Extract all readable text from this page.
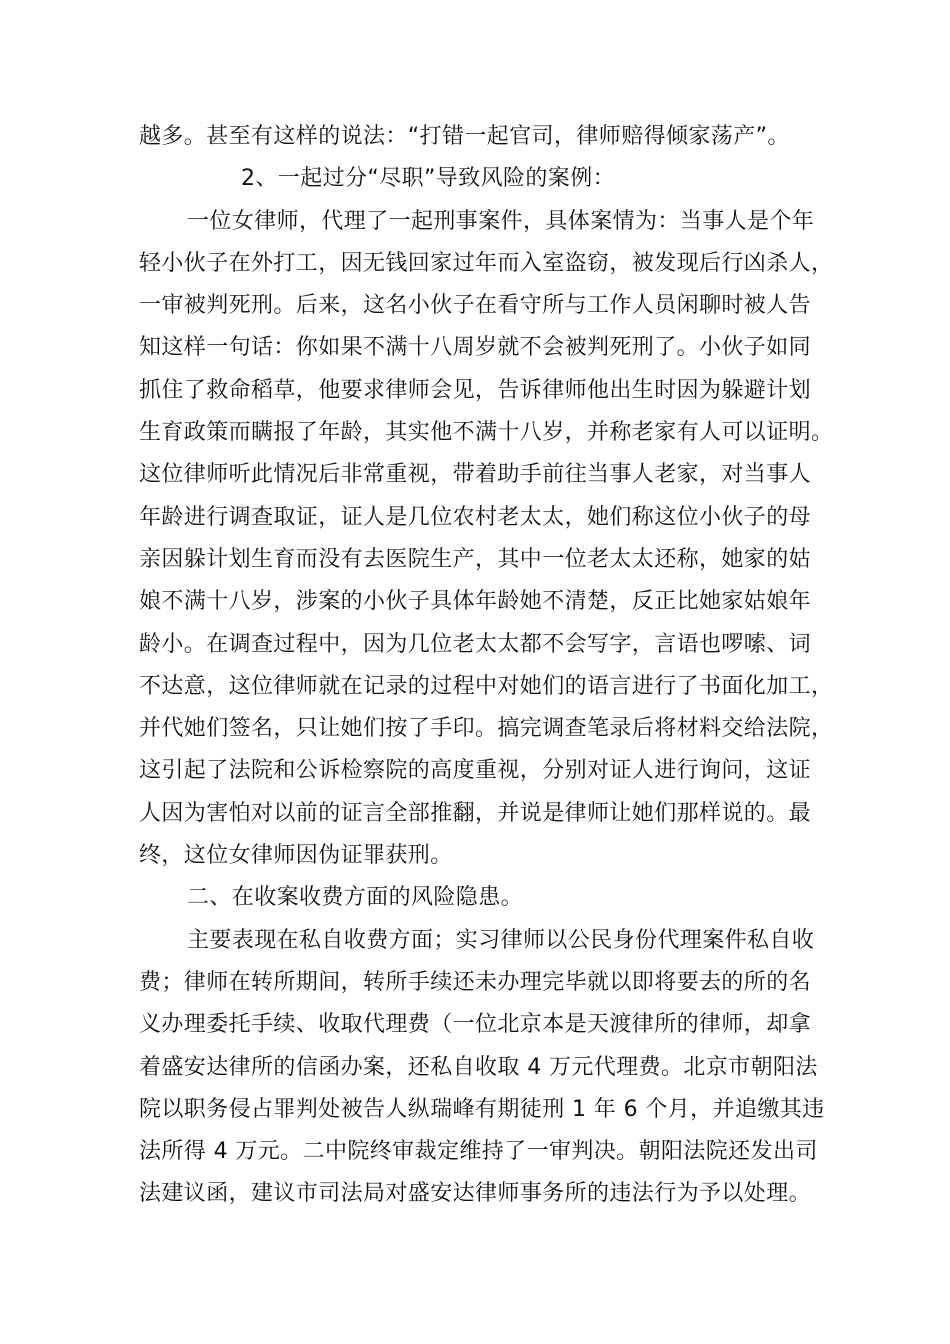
越多。甚至有这样的说法：“打错一起官司，律师赔得倾家荡产”。
2、一起过分“尽职”导致风险的案例：
一位女律师，代理了一起刑事案件，具体案情为：当事人是个年
轻小伙子在外打工，因无钱回家过年而入室盗窃，被发现后行凶杀人，
一审被判死刑。后来，这名小伙子在看守所与工作人员闲聊时被人告
知这样一句话：你如果不满十八周岁就不会被判死刑了。小伙子如同
抓住了救命稻草，他要求律师会见，告诉律师他出生时因为躲避计划
生育政策而瞒报了年龄，其实他不满十八岁，并称老家有人可以证明。
这位律师听此情况后非常重视，带着助手前往当事人老家，对当事人
年龄进行调查取证，证人是几位农村老太太，她们称这位小伙子的母
亲因躲计划生育而没有去医院生产，其中一位老太太还称，她家的姑
娘不满十八岁，涉案的小伙子具体年龄她不清楚，反正比她家姑娘年
龄小。在调查过程中，因为几位老太太都不会写字，言语也啰嗦、词
不达意，这位律师就在记录的过程中对她们的语言进行了书面化加工，
并代她们签名，只让她们按了手印。搞完调查笔录后将材料交给法院，
这引起了法院和公诉检察院的高度重视，分别对证人进行询问，这证
人因为害怕对以前的证言全部推翻，并说是律师让她们那样说的。最
终，这位女律师因伪证罪获刑。
二、在收案收费方面的风险隐患。
主要表现在私自收费方面；实习律师以公民身份代理案件私自收
费；律师在转所期间，转所手续还未办理完毕就以即将要去的所的名
义办理委托手续、收取代理费（一位北京本是天渡律所的律师，却拿
着盛安达律所的信函办案，还私自收取 4 万元代理费。北京市朝阳法
院以职务侵占罪判处被告人纵瑞峰有期徒刑 1 年 6 个月，并追缴其违
法所得 4 万元。二中院终审裁定维持了一审判决。朝阳法院还发出司
法建议函，建议市司法局对盛安达律师事务所的违法行为予以处理。
